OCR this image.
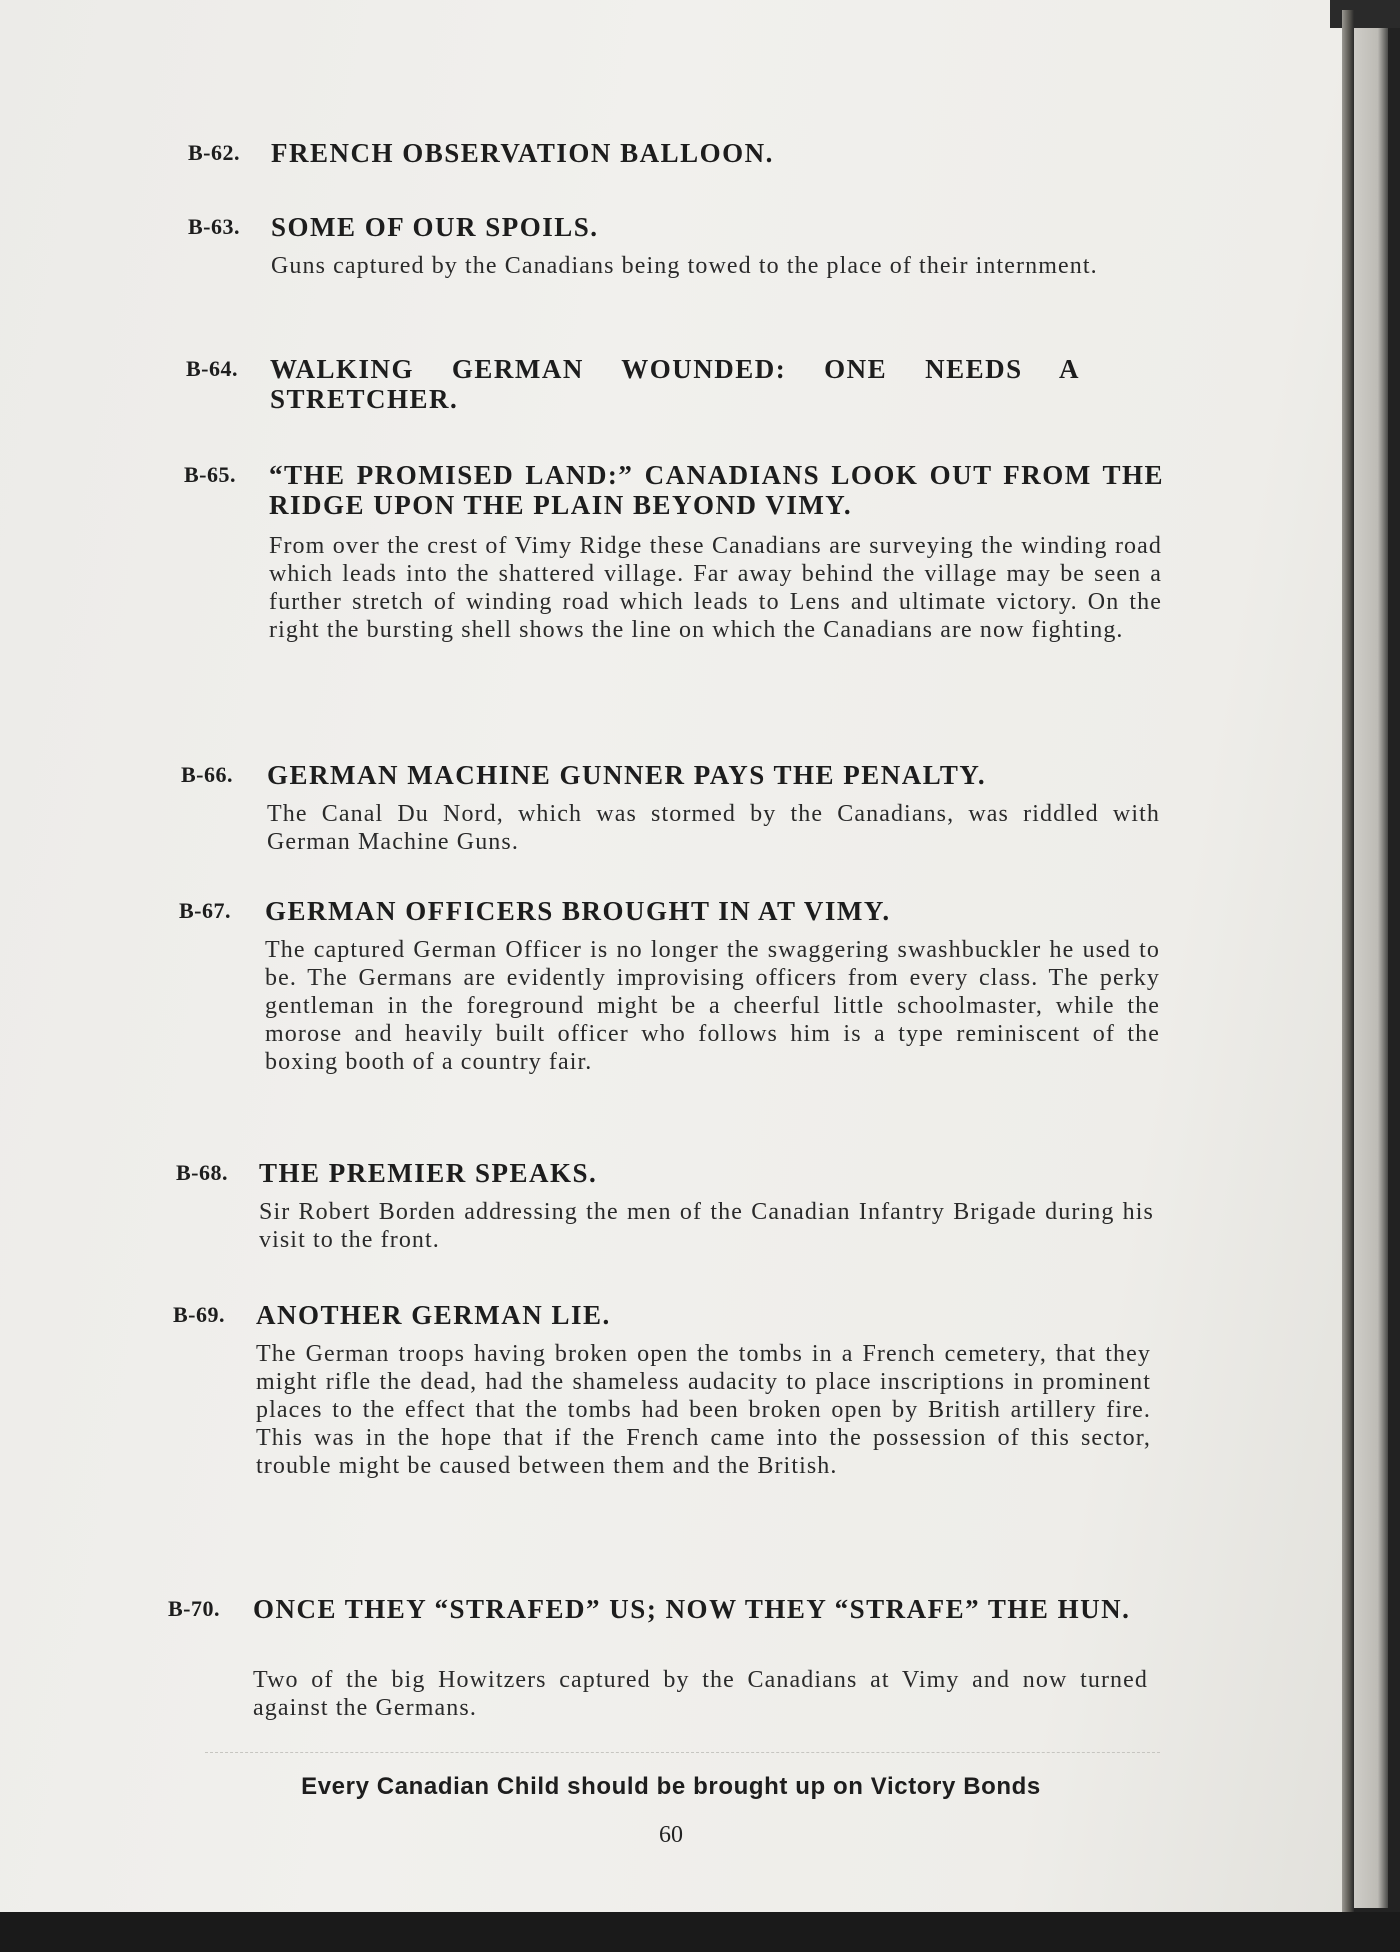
B-62. FRENCH OBSERVATION BALLOON.
B-63. SOME OF OUR SPOILS.
Guns captured by the Canadians being towed to the place of their internment.
B-64. WALKING GERMAN WOUNDED: ONE NEEDS A STRETCHER.
B-65. “THE PROMISED LAND:” CANADIANS LOOK OUT FROM THE RIDGE UPON THE PLAIN BEYOND VIMY.
From over the crest of Vimy Ridge these Canadians are surveying the winding road which leads into the shattered village. Far away behind the village may be seen a further stretch of winding road which leads to Lens and ultimate victory. On the right the bursting shell shows the line on which the Canadians are now fighting.
B-66. GERMAN MACHINE GUNNER PAYS THE PENALTY.
The Canal Du Nord, which was stormed by the Canadians, was riddled with German Machine Guns.
B-67. GERMAN OFFICERS BROUGHT IN AT VIMY.
The captured German Officer is no longer the swaggering swashbuckler he used to be. The Germans are evidently improvising officers from every class. The perky gentleman in the foreground might be a cheerful little schoolmaster, while the morose and heavily built officer who follows him is a type reminiscent of the boxing booth of a country fair.
B-68. THE PREMIER SPEAKS.
Sir Robert Borden addressing the men of the Canadian Infantry Brigade during his visit to the front.
B-69. ANOTHER GERMAN LIE.
The German troops having broken open the tombs in a French cemetery, that they might rifle the dead, had the shameless audacity to place inscriptions in prominent places to the effect that the tombs had been broken open by British artillery fire. This was in the hope that if the French came into the possession of this sector, trouble might be caused between them and the British.
B-70. ONCE THEY “STRAFED” US; NOW THEY “STRAFE” THE HUN.
Two of the big Howitzers captured by the Canadians at Vimy and now turned against the Germans.
Every Canadian Child should be brought up on Victory Bonds
60
